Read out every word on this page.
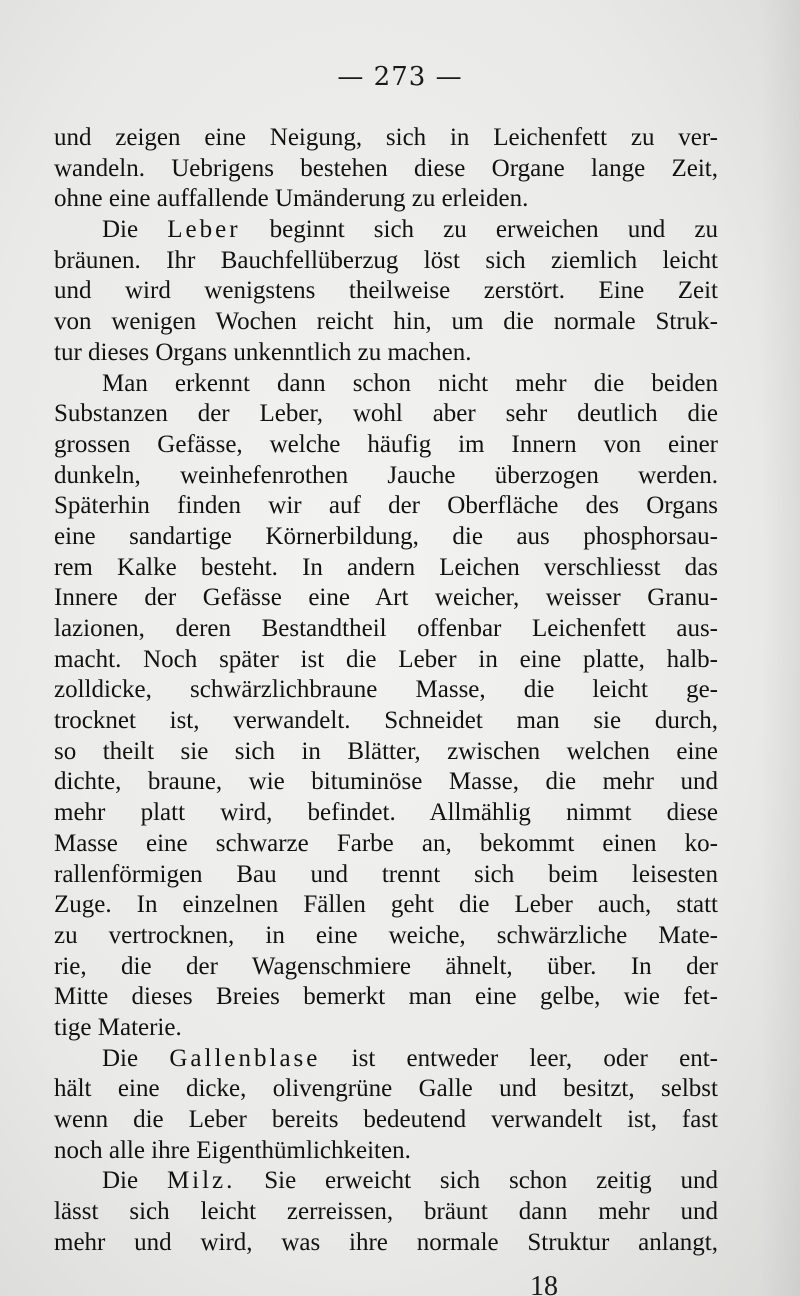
— 273 —
und zeigen eine Neigung, sich in Leichenfett zu ver-
wandeln. Uebrigens bestehen diese Organe lange Zeit,
ohne eine auffallende Umänderung zu erleiden.
Die Leber beginnt sich zu erweichen und zu
bräunen. Ihr Bauchfellüberzug löst sich ziemlich leicht
und wird wenigstens theilweise zerstört. Eine Zeit
von wenigen Wochen reicht hin, um die normale Struk-
tur dieses Organs unkenntlich zu machen.
Man erkennt dann schon nicht mehr die beiden
Substanzen der Leber, wohl aber sehr deutlich die
grossen Gefässe, welche häufig im Innern von einer
dunkeln, weinhefenrothen Jauche überzogen werden.
Späterhin finden wir auf der Oberfläche des Organs
eine sandartige Körnerbildung, die aus phosphorsau-
rem Kalke besteht. In andern Leichen verschliesst das
Innere der Gefässe eine Art weicher, weisser Granu-
lazionen, deren Bestandtheil offenbar Leichenfett aus-
macht. Noch später ist die Leber in eine platte, halb-
zolldicke, schwärzlichbraune Masse, die leicht ge-
trocknet ist, verwandelt. Schneidet man sie durch,
so theilt sie sich in Blätter, zwischen welchen eine
dichte, braune, wie bituminöse Masse, die mehr und
mehr platt wird, befindet. Allmählig nimmt diese
Masse eine schwarze Farbe an, bekommt einen ko-
rallenförmigen Bau und trennt sich beim leisesten
Zuge. In einzelnen Fällen geht die Leber auch, statt
zu vertrocknen, in eine weiche, schwärzliche Mate-
rie, die der Wagenschmiere ähnelt, über. In der
Mitte dieses Breies bemerkt man eine gelbe, wie fet-
tige Materie.
Die Gallenblase ist entweder leer, oder ent-
hält eine dicke, olivengrüne Galle und besitzt, selbst
wenn die Leber bereits bedeutend verwandelt ist, fast
noch alle ihre Eigenthümlichkeiten.
Die Milz. Sie erweicht sich schon zeitig und
lässt sich leicht zerreissen, bräunt dann mehr und
mehr und wird, was ihre normale Struktur anlangt,
18
